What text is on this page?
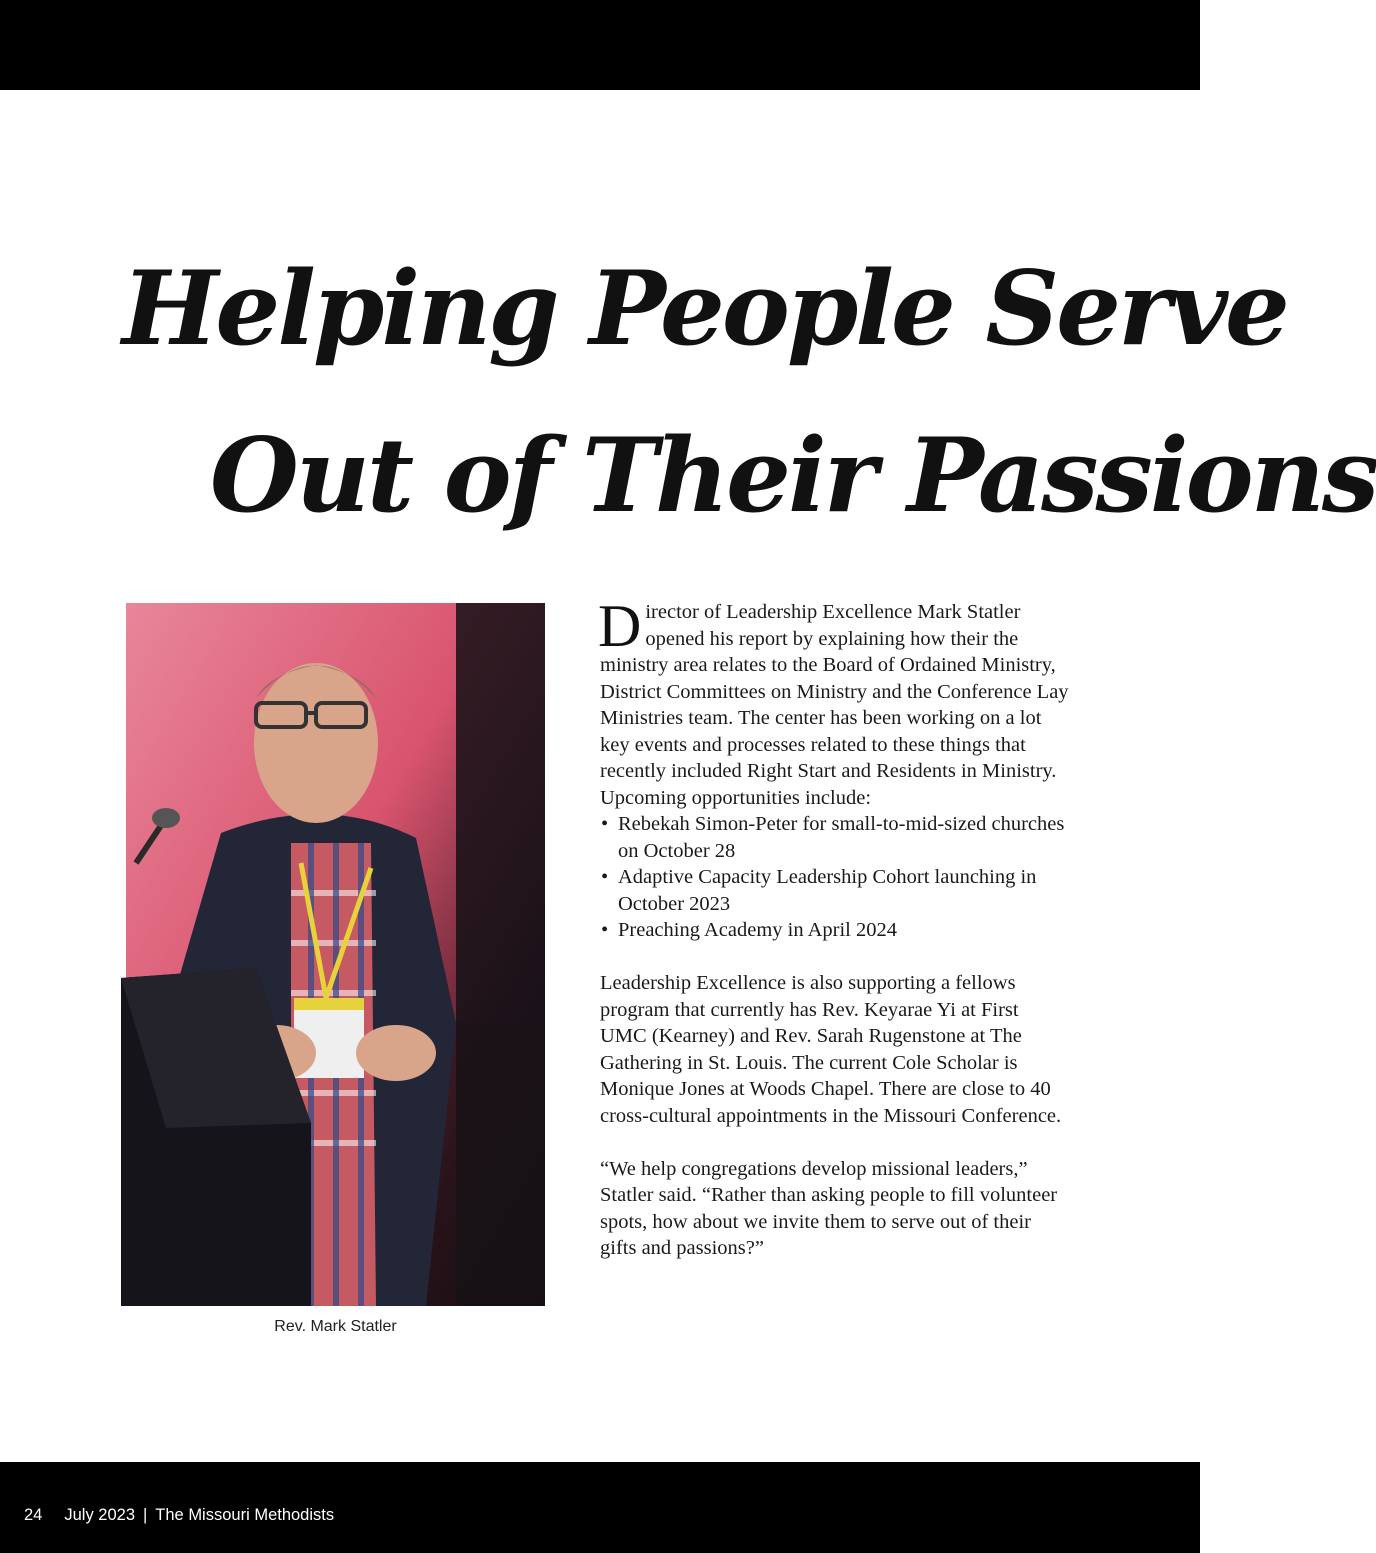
Helping People Serve
Out of Their Passions
Rev. Mark Statler

Director of Leadership Excellence Mark Statler opened his report by explaining how their the ministry area relates to the Board of Ordained Ministry, District Committees on Ministry and the Conference Lay Ministries team. The center has been working on a lot key events and processes related to these things that recently included Right Start and Residents in Ministry. Upcoming opportunities include:

• Rebekah Simon-Peter for small-to-mid-sized churches on October 28
• Adaptive Capacity Leadership Cohort launching in October 2023
• Preaching Academy in April 2024

Leadership Excellence is also supporting a fellows program that currently has Rev. Keyarae Yi at First UMC (Kearney) and Rev. Sarah Rugenstone at The Gathering in St. Louis. The current Cole Scholar is Monique Jones at Woods Chapel. There are close to 40 cross-cultural appointments in the Missouri Conference.

“We help congregations develop missional leaders,” Statler said. “Rather than asking people to fill volunteer spots, how about we invite them to serve out of their gifts and passions?”

24 July 2023 | The Missouri Methodists
